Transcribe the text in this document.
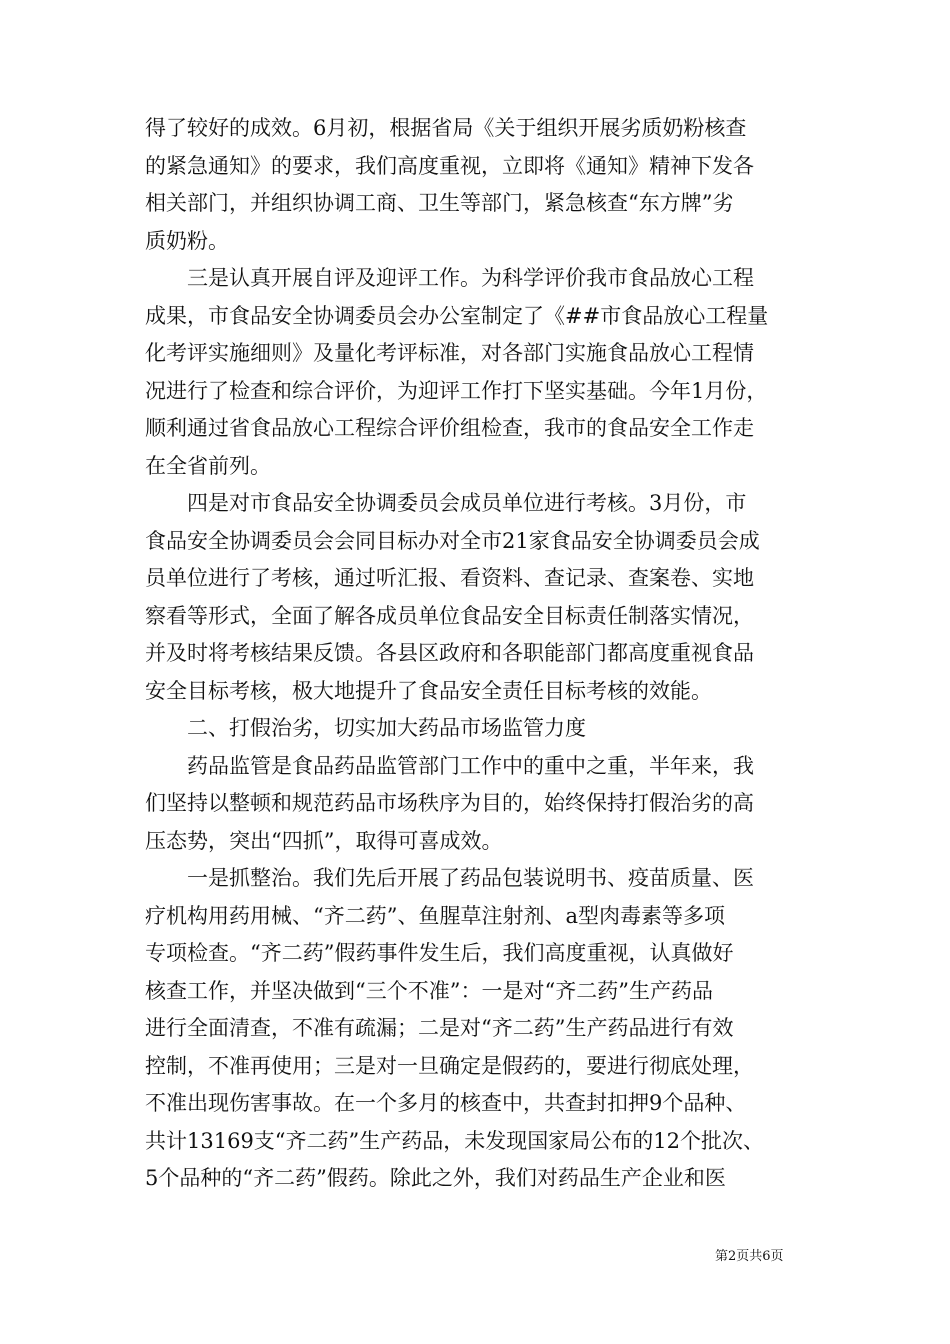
得了较好的成效。6月初，根据省局《关于组织开展劣质奶粉核查
的紧急通知》的要求，我们高度重视，立即将《通知》精神下发各
相关部门，并组织协调工商、卫生等部门，紧急核查“东方牌”劣
质奶粉。
三是认真开展自评及迎评工作。为科学评价我市食品放心工程
成果，市食品安全协调委员会办公室制定了《##市食品放心工程量
化考评实施细则》及量化考评标准，对各部门实施食品放心工程情
况进行了检查和综合评价，为迎评工作打下坚实基础。今年1月份，
顺利通过省食品放心工程综合评价组检查，我市的食品安全工作走
在全省前列。
四是对市食品安全协调委员会成员单位进行考核。3月份，市
食品安全协调委员会会同目标办对全市21家食品安全协调委员会成
员单位进行了考核，通过听汇报、看资料、查记录、查案卷、实地
察看等形式，全面了解各成员单位食品安全目标责任制落实情况，
并及时将考核结果反馈。各县区政府和各职能部门都高度重视食品
安全目标考核，极大地提升了食品安全责任目标考核的效能。
二、打假治劣，切实加大药品市场监管力度
药品监管是食品药品监管部门工作中的重中之重，半年来，我
们坚持以整顿和规范药品市场秩序为目的，始终保持打假治劣的高
压态势，突出“四抓”，取得可喜成效。
一是抓整治。我们先后开展了药品包装说明书、疫苗质量、医
疗机构用药用械、“齐二药”、鱼腥草注射剂、a型肉毒素等多项
专项检查。“齐二药”假药事件发生后，我们高度重视，认真做好
核查工作，并坚决做到“三个不准”：一是对“齐二药”生产药品
进行全面清查，不准有疏漏；二是对“齐二药”生产药品进行有效
控制，不准再使用；三是对一旦确定是假药的，要进行彻底处理，
不准出现伤害事故。在一个多月的核查中，共查封扣押9个品种、
共计13169支“齐二药”生产药品，未发现国家局公布的12个批次、
5个品种的“齐二药”假药。除此之外，我们对药品生产企业和医
第2页共6页
